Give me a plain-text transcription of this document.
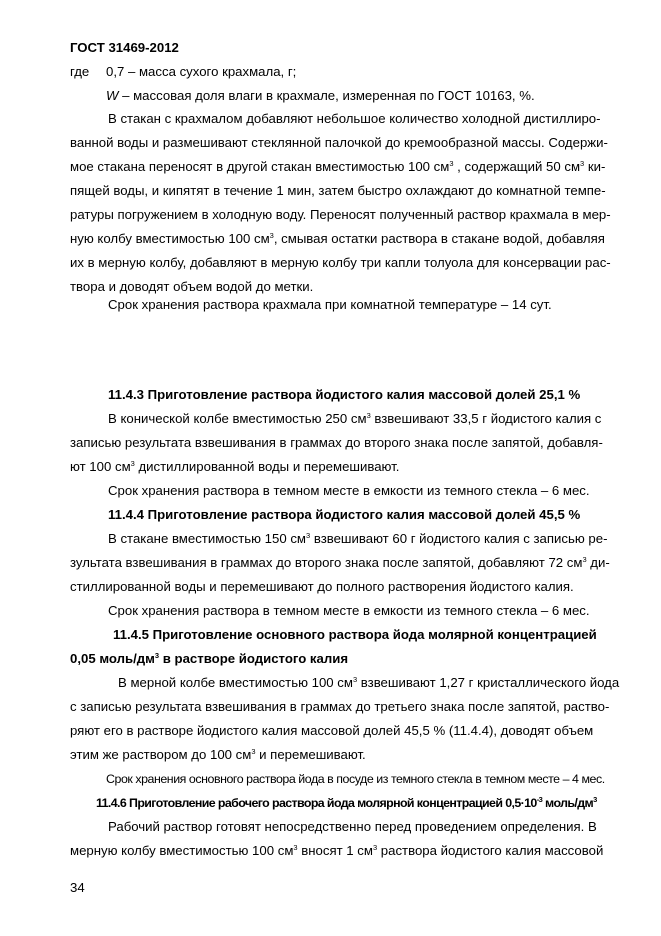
ГОСТ 31469-2012
где 0,7 – масса сухого крахмала, г;
W – массовая доля влаги в крахмале, измеренная по ГОСТ 10163, %.
В стакан с крахмалом добавляют небольшое количество холодной дистиллиро-
ванной воды и размешивают стеклянной палочкой до кремообразной массы. Содержи-
мое стакана переносят в другой стакан вместимостью 100 $см^3$ , содержащий 50 $см^3$ ки-
пящей воды, и кипятят в течение 1 мин, затем быстро охлаждают до комнатной темпе-
ратуры погружением в холодную воду. Переносят полученный раствор крахмала в мер-
ную колбу вместимостью 100 $см^3$, смывая остатки раствора в стакане водой, добавляя
их в мерную колбу, добавляют в мерную колбу три капли толуола для консервации рас-
твора и доводят объем водой до метки.
Срок хранения раствора крахмала при комнатной температуре – 14 сут.
11.4.3 Приготовление раствора йодистого калия массовой долей 25,1 %
В конической колбе вместимостью 250 $см^3$ взвешивают 33,5 г йодистого калия с
записью результата взвешивания в граммах до второго знака после запятой, добавля-
ют 100 $см^3$ дистиллированной воды и перемешивают.
Срок хранения раствора в темном месте в емкости из темного стекла – 6 мес.
11.4.4 Приготовление раствора йодистого калия массовой долей 45,5 %
В стакане вместимостью 150 $см^3$ взвешивают 60 г йодистого калия с записью ре-
зультата взвешивания в граммах до второго знака после запятой, добавляют 72 $см^3$ ди-
стиллированной воды и перемешивают до полного растворения йодистого калия.
Срок хранения раствора в темном месте в емкости из темного стекла – 6 мес.
11.4.5 Приготовление основного раствора йода молярной концентрацией
0,05 моль/$дм^3$ в растворе йодистого калия
В мерной колбе вместимостью 100 $см^3$ взвешивают 1,27 г кристаллического йода
с записью результата взвешивания в граммах до третьего знака после запятой, раство-
ряют его в растворе йодистого калия массовой долей 45,5 % (11.4.4), доводят объем
этим же раствором до 100 $см^3$ и перемешивают.
Срок хранения основного раствора йода в посуде из темного стекла в темном месте – 4 мес.
11.4.6 Приготовление рабочего раствора йода молярной концентрацией $0,5\cdot 10^{-3}$ моль/$дм^3$
Рабочий раствор готовят непосредственно перед проведением определения. В
мерную колбу вместимостью 100 $см^3$ вносят 1 $см^3$ раствора йодистого калия массовой
34
